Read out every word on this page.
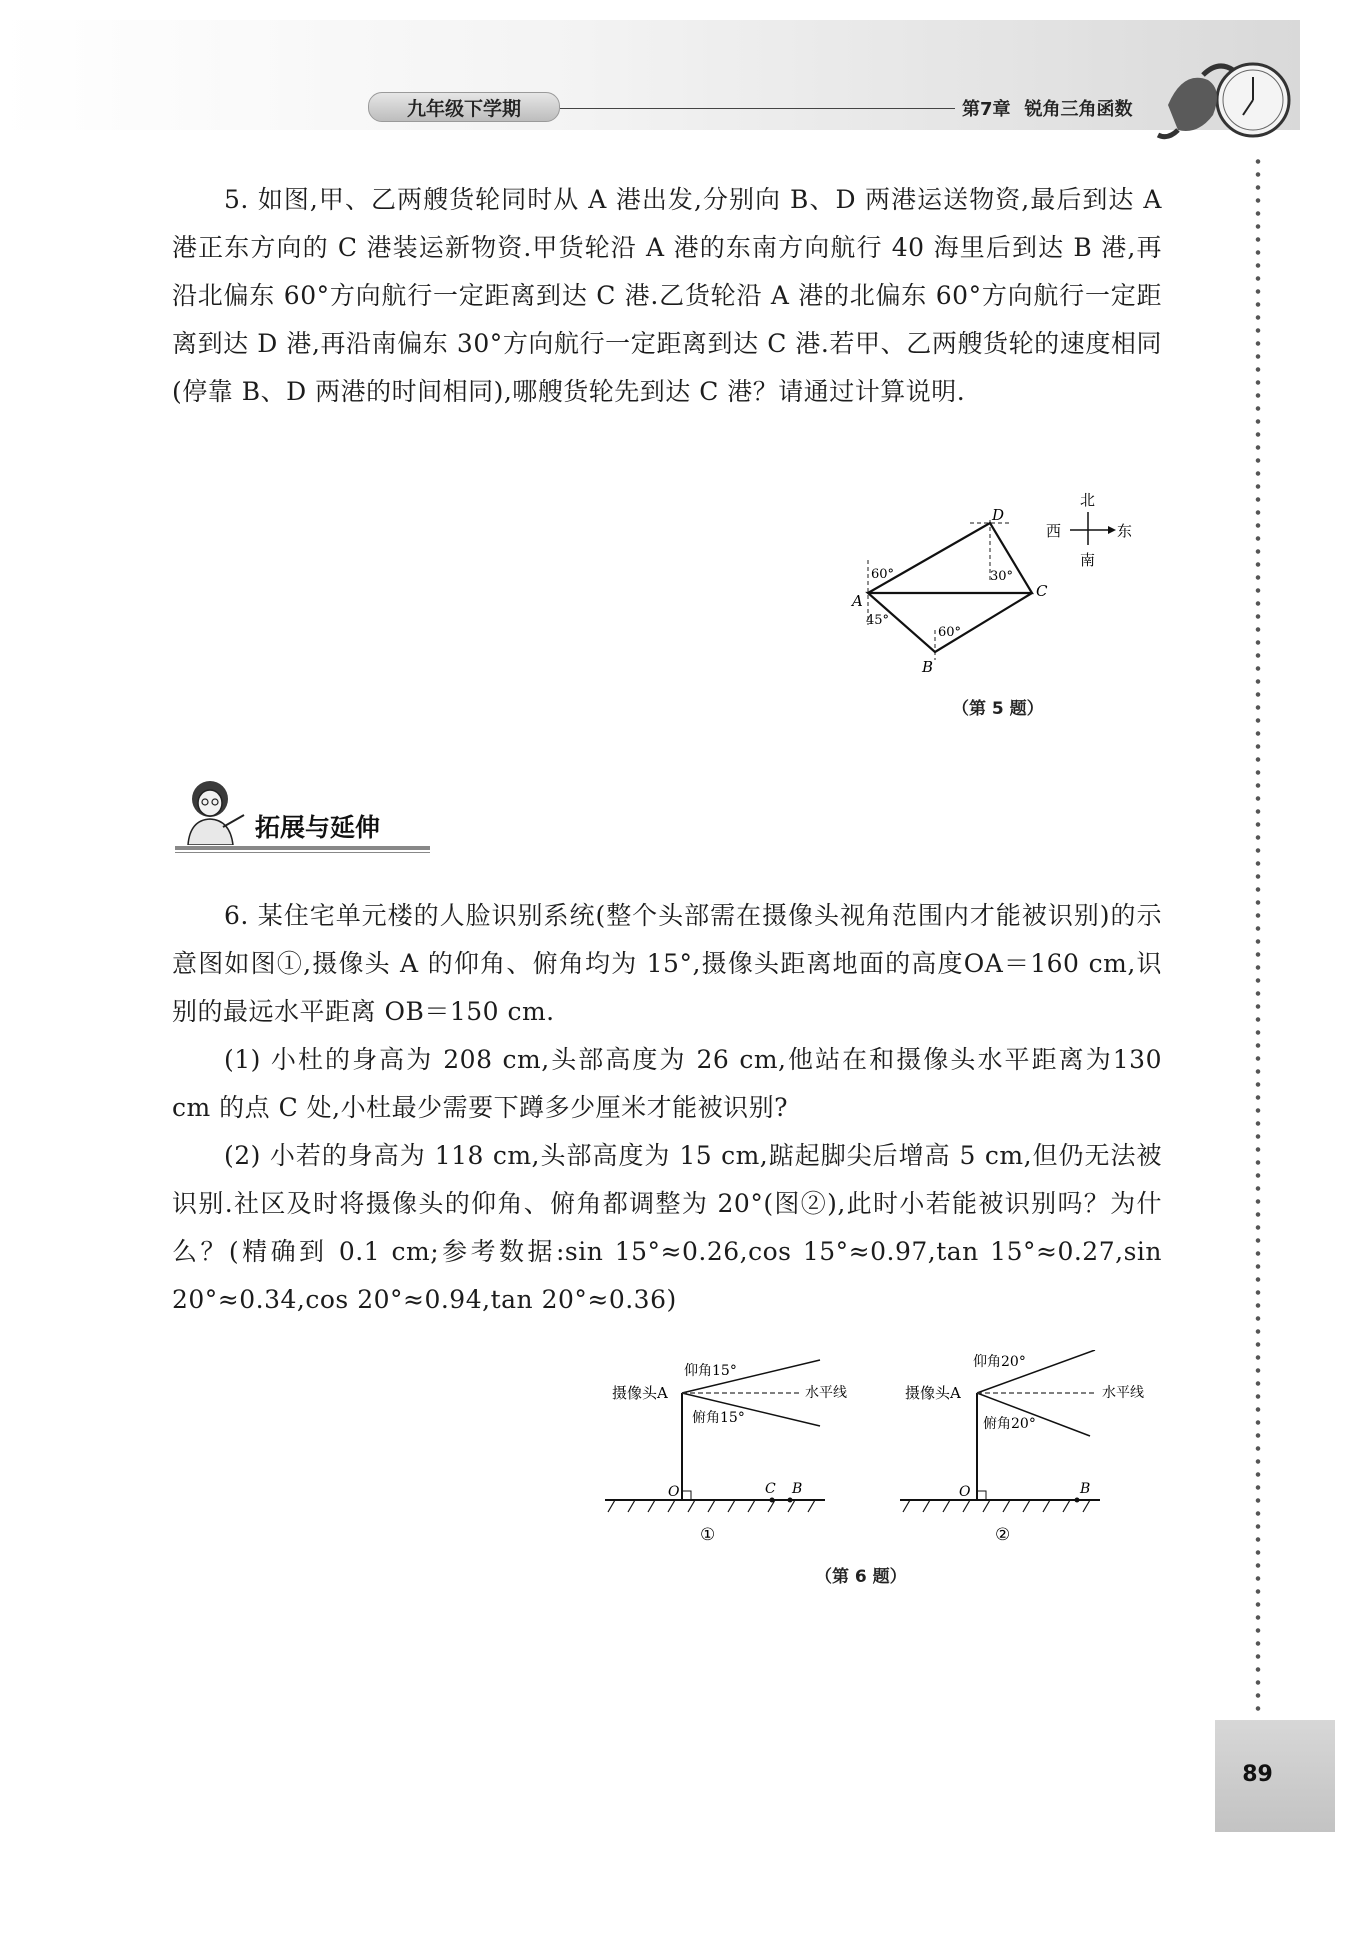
九年级下学期	第7章 锐角三角函数
5. 如图,甲、乙两艘货轮同时从 A 港出发,分别向 B、D 两港运送物资,最后到达 A 港正东方向的 C 港装运新物资.甲货轮沿 A 港的东南方向航行 40 海里后到达 B 港,再沿北偏东 60°方向航行一定距离到达 C 港.乙货轮沿 A 港的北偏东 60°方向航行一定距离到达 D 港,再沿南偏东 30°方向航行一定距离到达 C 港.若甲、乙两艘货轮的速度相同(停靠 B、D 两港的时间相同),哪艘货轮先到达 C 港？请通过计算说明.
D
C
A
B
60°
45°
60°
30°
北
南
西	东
（第 5 题）
拓展与延伸
6. 某住宅单元楼的人脸识别系统(整个头部需在摄像头视角范围内才能被识别)的示意图如图①,摄像头 A 的仰角、俯角均为 15°,摄像头距离地面的高度OA＝160 cm,识别的最远水平距离 OB＝150 cm.
(1) 小杜的身高为 208 cm,头部高度为 26 cm,他站在和摄像头水平距离为130 cm 的点 C 处,小杜最少需要下蹲多少厘米才能被识别?
(2) 小若的身高为 118 cm,头部高度为 15 cm,踮起脚尖后增高 5 cm,但仍无法被识别.社区及时将摄像头的仰角、俯角都调整为 20°(图②),此时小若能被识别吗？为什么？(精确到 0.1 cm;参考数据:sin 15°≈0.26,cos 15°≈0.97,tan 15°≈0.27,sin 20°≈0.34,cos 20°≈0.94,tan 20°≈0.36)
摄像头A
仰角15°
俯角15°
水平线
O	C B
①
摄像头A
仰角20°
俯角20°
水平线
O	B
②
（第 6 题）
89
